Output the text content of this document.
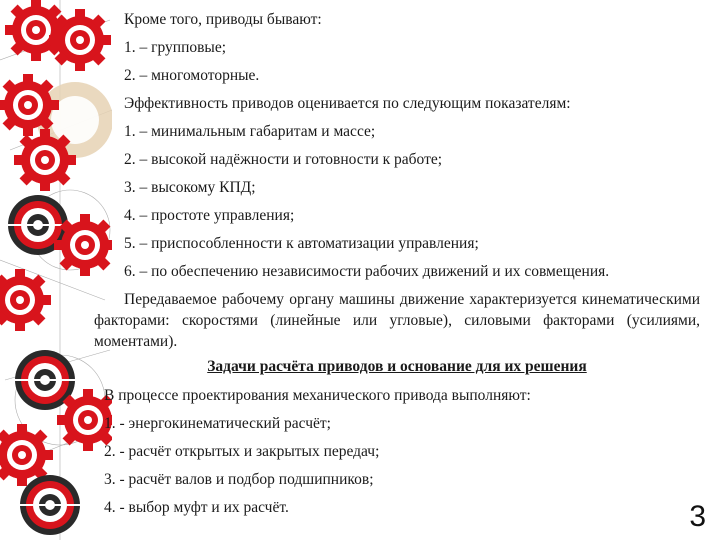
Кроме того, приводы бывают:
1. – групповые;
2. – многомоторные.
Эффективность приводов оценивается по следующим показателям:
1. – минимальным габаритам и массе;
2. – высокой надёжности и готовности к работе;
3. – высокому КПД;
4. – простоте управления;
5. – приспособленности к автоматизации управления;
6. – по обеспечению независимости рабочих движений и их совмещения.
Передаваемое рабочему органу машины движение характеризуется кинематическими факторами: скоростями (линейные или угловые), силовыми факторами (усилиями, моментами).
Задачи расчёта приводов и основание для их решения
В процессе проектирования механического привода выполняют:
1. - энергокинематический расчёт;
2. - расчёт открытых и закрытых передач;
3. - расчёт валов и подбор подшипников;
4. - выбор муфт и их расчёт.	3
